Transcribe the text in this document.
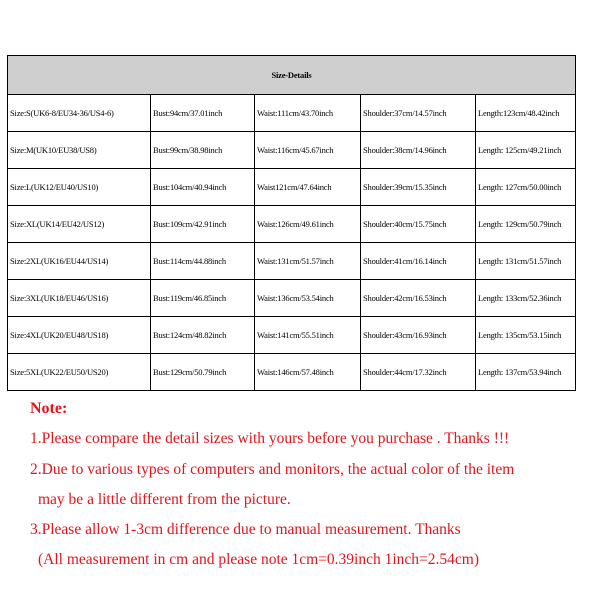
Size-Details				
Size:S(UK6-8/EU34-36/US4-6)	Bust:94cm/37.01inch	Waist:111cm/43.70inch	Shoulder:37cm/14.57inch	Length:123cm/48.42inch
Size:M(UK10/EU38/US8)	Bust:99cm/38.98inch	Waist:116cm/45.67inch	Shoulder:38cm/14.96inch	Length: 125cm/49.21inch
Size:L(UK12/EU40/US10)	Bust:104cm/40.94inch	Waist121cm/47.64inch	Shoulder:39cm/15.35inch	Length: 127cm/50.00inch
Size:XL(UK14/EU42/US12)	Bust:109cm/42.91inch	Waist:126cm/49.61inch	Shoulder:40cm/15.75inch	Length: 129cm/50.79inch
Size:2XL(UK16/EU44/US14)	Bust:114cm/44.88inch	Waist:131cm/51.57inch	Shoulder:41cm/16.14inch	Length: 131cm/51.57inch
Size:3XL(UK18/EU46/US16)	Bust:119cm/46.85inch	Waist:136cm/53.54inch	Shoulder:42cm/16.53inch	Length: 133cm/52.36inch
Size:4XL(UK20/EU48/US18)	Bust:124cm/48.82inch	Waist:141cm/55.51inch	Shoulder:43cm/16.93inch	Length: 135cm/53.15inch
Size:5XL(UK22/EU50/US20)	Bust:129cm/50.79inch	Waist:146cm/57.48inch	Shoulder:44cm/17.32inch	Length: 137cm/53.94inch
Note:
1.Please compare the detail sizes with yours before you purchase . Thanks !!!
2.Due to various types of computers and monitors, the actual color of the item
may be a little different from the picture.
3.Please allow 1-3cm difference due to manual measurement. Thanks
(All measurement in cm and please note 1cm=0.39inch 1inch=2.54cm)
